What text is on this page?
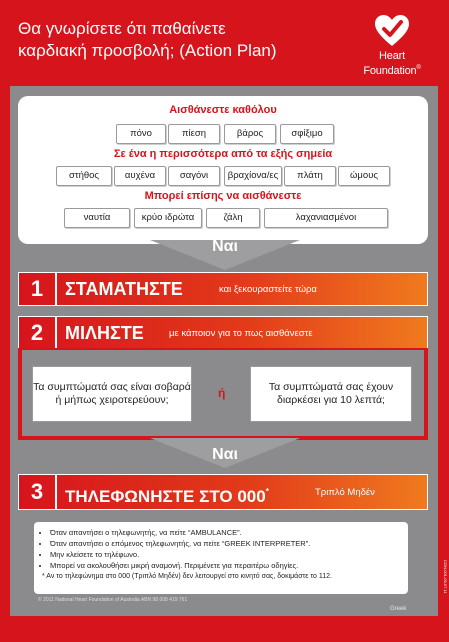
Θα γνωρίσετε ότι παθαίνετε
καρδιακή προσβολή; (Action Plan)	Heart
Foundation®
Αισθάνεστε καθόλου
πόνο	πίεση	βάρος	σφίξιμο
Σε ένα η περισσότερα από τα εξής σημεία
στήθος	αυχένα	σαγόνι	βραχίονα/ες	πλάτη	ώμους
Μπορεί επίσης να αισθάνεστε
ναυτία	κρύο ιδρώτα	ζάλη	λαχανιασμένοι
Ναι
1	ΣΤΑΜΑΤΗΣΤΕ	και ξεκουραστείτε τώρα
2	ΜΙΛΗΣΤΕ	με κάποιον για το πως αισθάνεστε
Τα συμπτώματά σας είναι σοβαρά ή μήπως χειροτερεύουν;	ή	Τα συμπτώματά σας έχουν διαρκέσει για 10 λεπτά;
Ναι
3	ΤΗΛΕΦΩΝΗΣΤΕ ΣΤΟ 000*	Τριπλό Μηδέν
• Όταν απαντήσει ο τηλεφωνητής, να πείτε “AMBULANCE”.
• Όταν απαντήσει ο επόμενος τηλεφωνητής, να πείτε “GREEK INTERPRETER”.
• Μην κλείσετε το τηλέφωνο.
• Μπορεί να ακολουθήσει μικρή αναμονή. Περιμένετε για περαιτέρω οδηγίες.
* Αν το τηλεφώνημα στο 000 (Τριπλό Μηδέν) δεν λειτουργεί στο κινητό σας, δοκιμάστε το 112.
© 2011 National Heart Foundation of Australia ABN 98 008 419 761
Greek
CON-001-05-07.11
